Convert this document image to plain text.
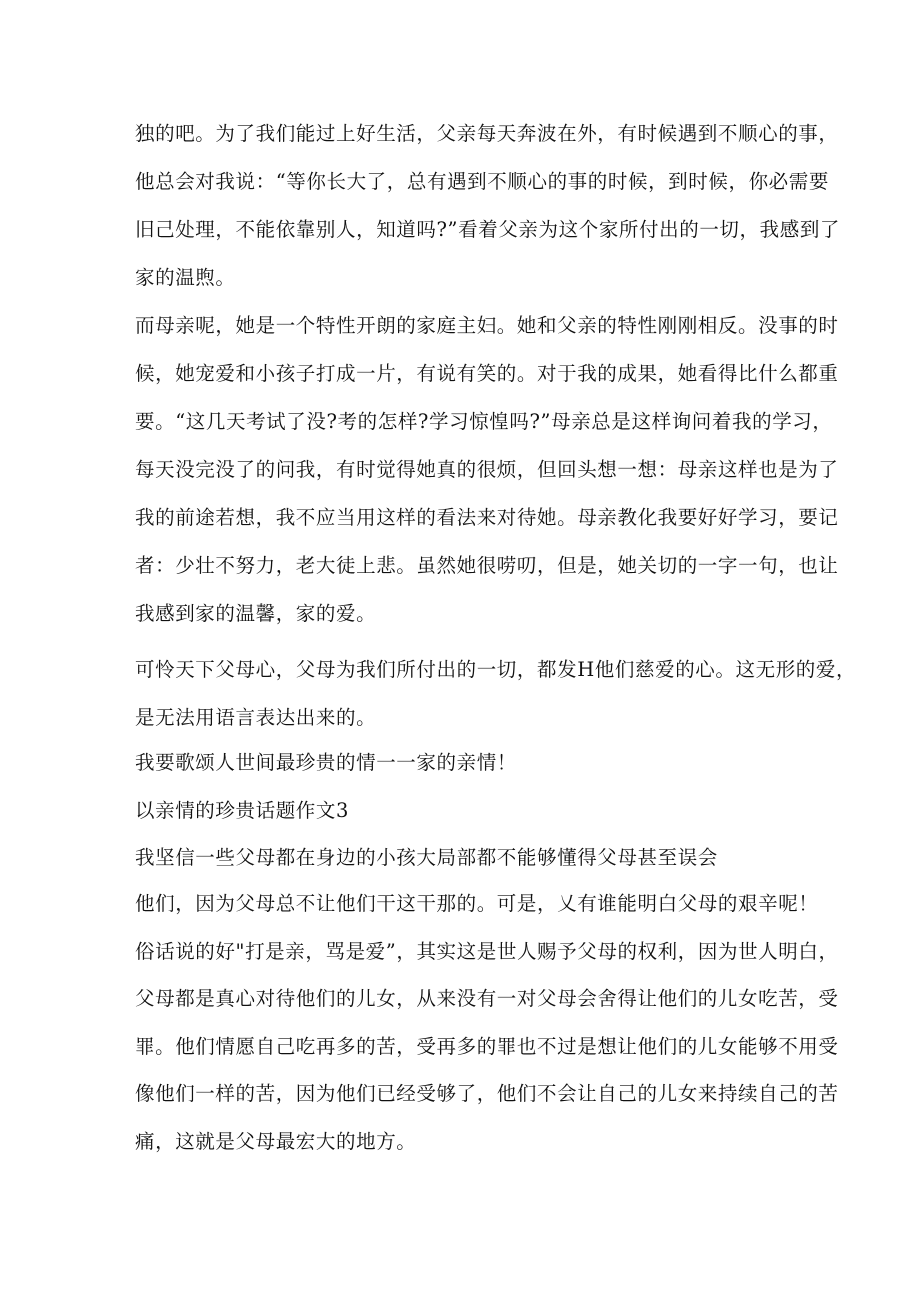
独的吧。为了我们能过上好生活，父亲每天奔波在外，有时候遇到不顺心的事，
他总会对我说：“等你长大了，总有遇到不顺心的事的时候，到时候，你必需要
旧己处理，不能依靠别人，知道吗?”看着父亲为这个家所付出的一切，我感到了
家的温煦。
而母亲呢，她是一个特性开朗的家庭主妇。她和父亲的特性刚刚相反。没事的时
候，她宠爱和小孩子打成一片，有说有笑的。对于我的成果，她看得比什么都重
要。“这几天考试了没?考的怎样?学习惊惶吗?”母亲总是这样询问着我的学习，
每天没完没了的问我，有时觉得她真的很烦，但回头想一想：母亲这样也是为了
我的前途若想，我不应当用这样的看法来对待她。母亲教化我要好好学习，要记
者：少壮不努力，老大徒上悲。虽然她很唠叨，但是，她关切的一字一句，也让
我感到家的温馨，家的爱。
可怜天下父母心，父母为我们所付出的一切，都发H他们慈爱的心。这无形的爱，
是无法用语言表达出来的。
我要歌颂人世间最珍贵的情一一家的亲情！
以亲情的珍贵话题作文3
我坚信一些父母都在身边的小孩大局部都不能够懂得父母甚至误会
他们，因为父母总不让他们干这干那的。可是，乂有谁能明白父母的艰辛呢！
俗话说的好"打是亲，骂是爱”，其实这是世人赐予父母的权利，因为世人明白，
父母都是真心对待他们的儿女，从来没有一对父母会舍得让他们的儿女吃苦，受
罪。他们情愿自己吃再多的苦，受再多的罪也不过是想让他们的儿女能够不用受
像他们一样的苦，因为他们已经受够了，他们不会让自己的儿女来持续自己的苦
痛，这就是父母最宏大的地方。
